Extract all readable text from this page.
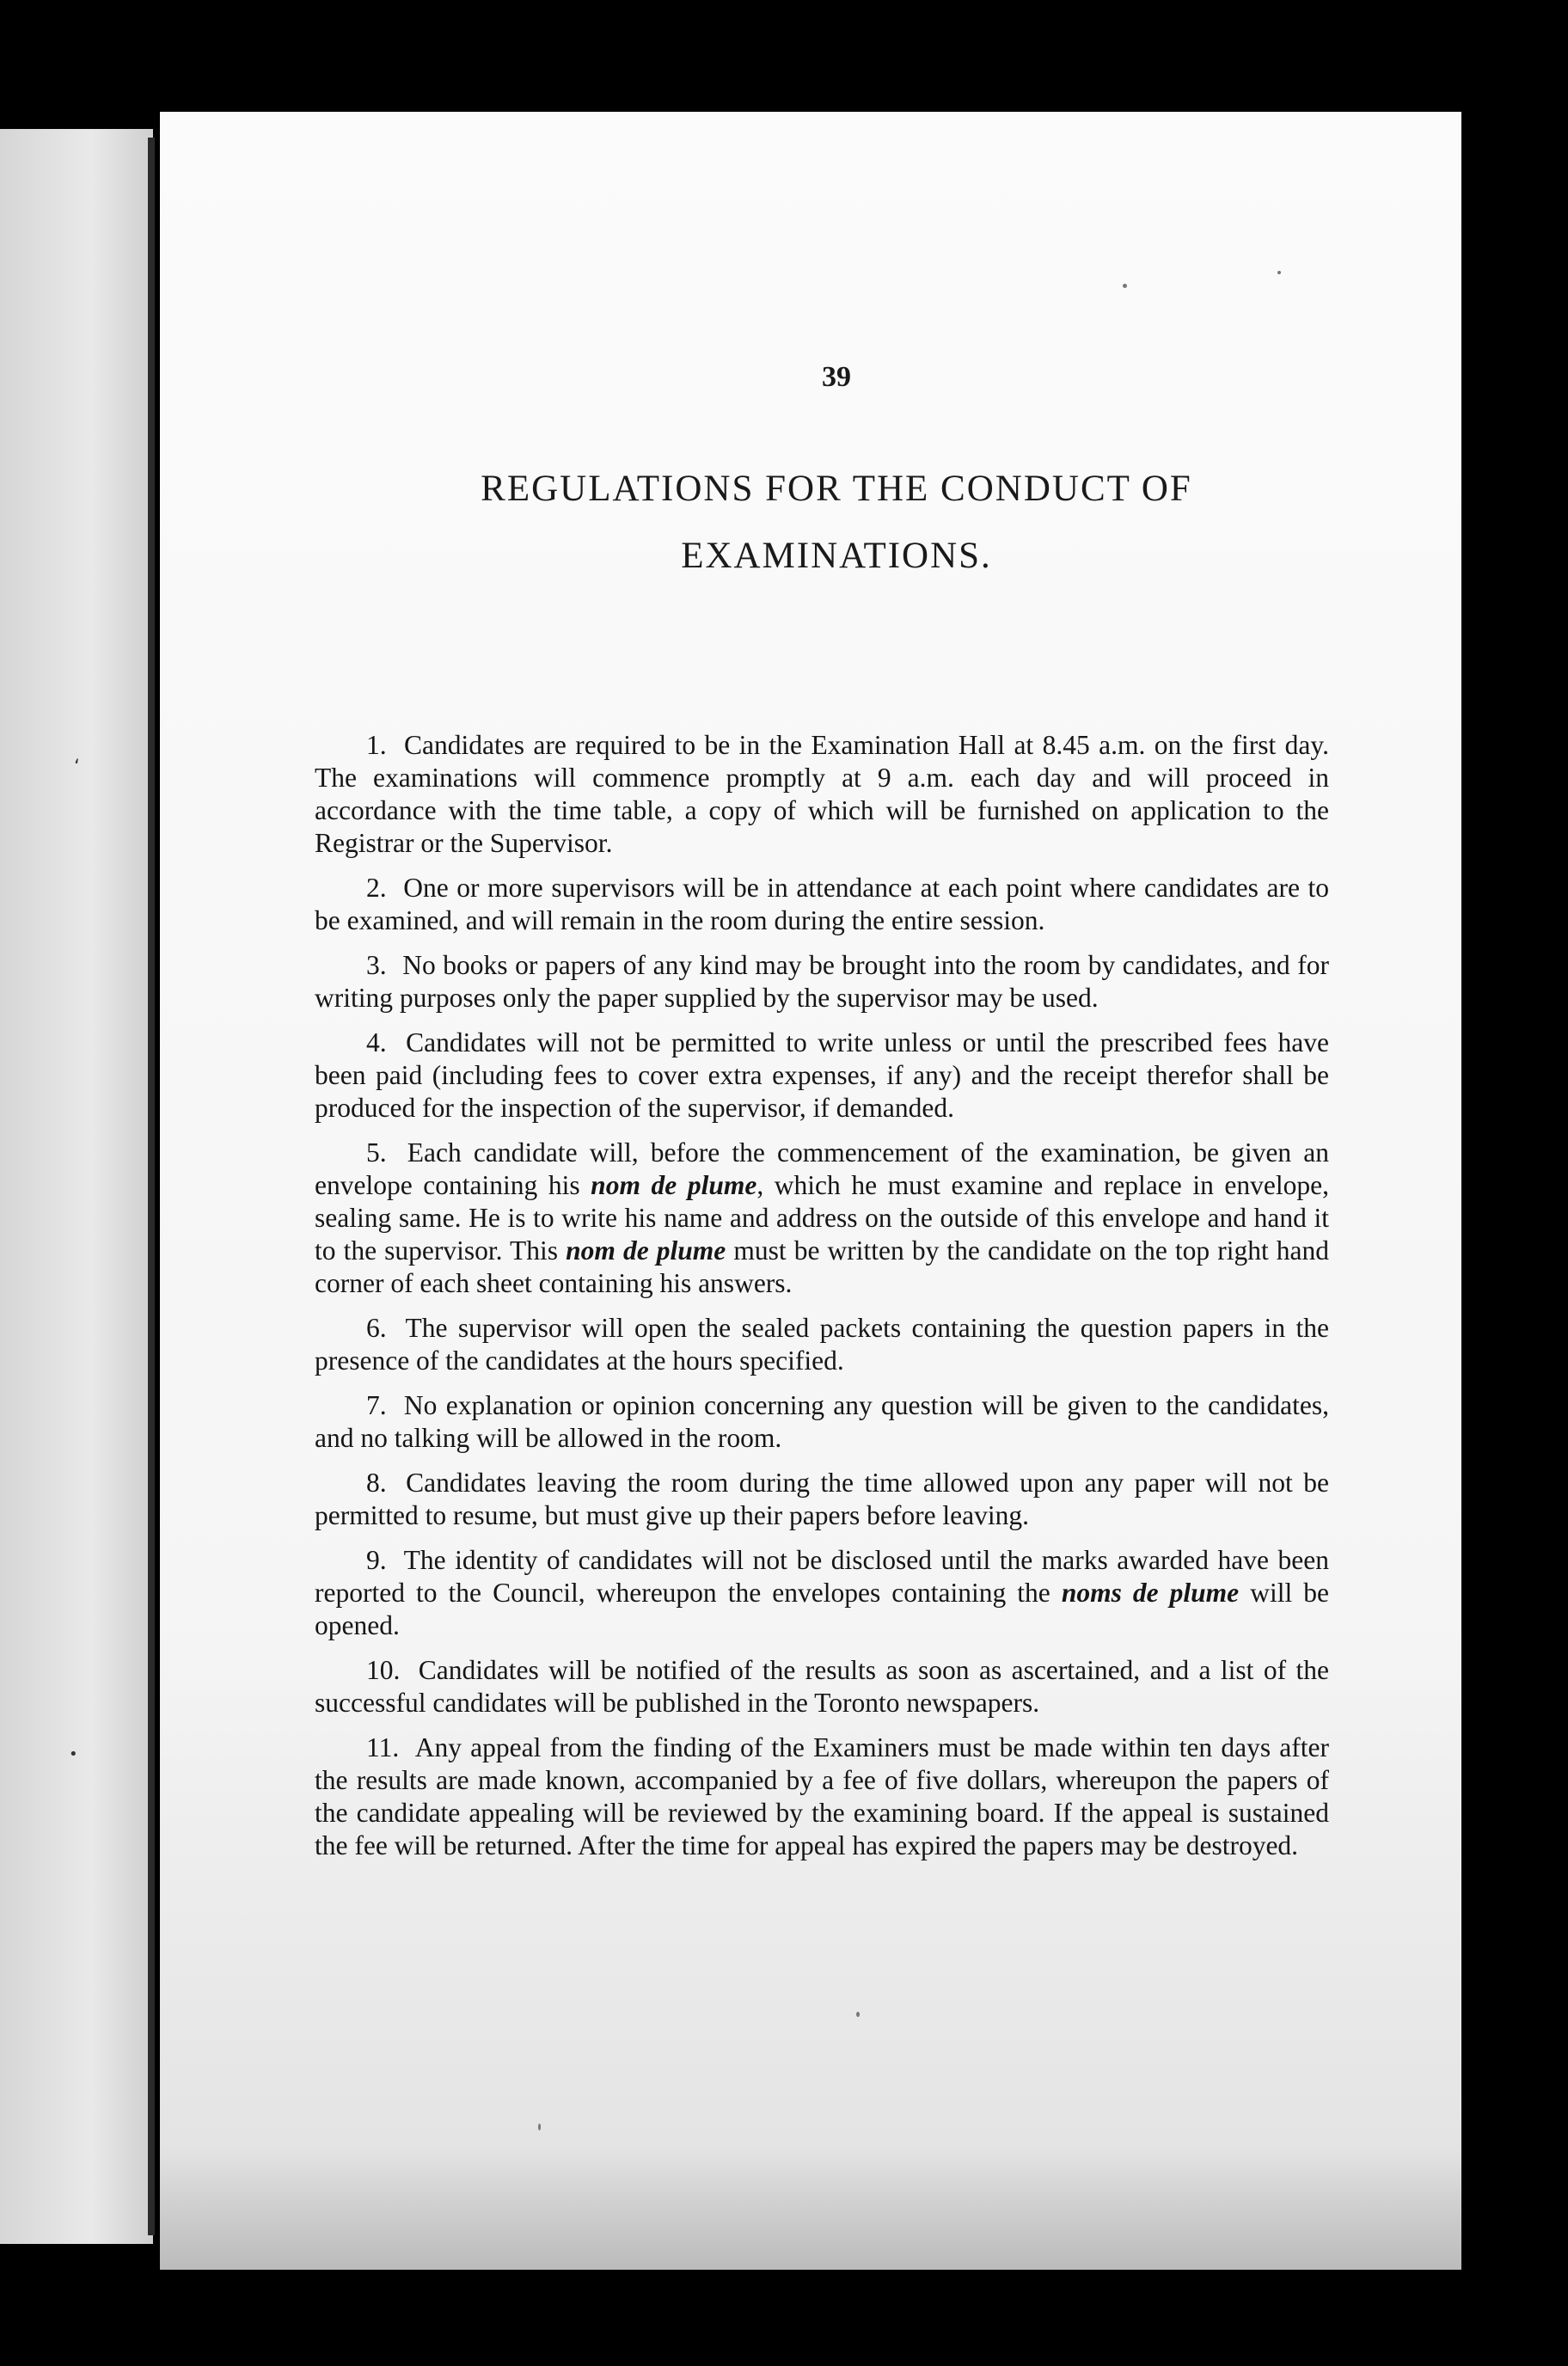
‘
•
39
REGULATIONS FOR THE CONDUCT OF
EXAMINATIONS.

1. Candidates are required to be in the Examination Hall at 8.45 a.m. on the first day. The examinations will commence promptly at 9 a.m. each day and will proceed in accordance with the time table, a copy of which will be furnished on application to the Registrar or the Supervisor.

2. One or more supervisors will be in attendance at each point where candidates are to be examined, and will remain in the room during the entire session.

3. No books or papers of any kind may be brought into the room by candidates, and for writing purposes only the paper supplied by the supervisor may be used.

4. Candidates will not be permitted to write unless or until the prescribed fees have been paid (including fees to cover extra expenses, if any) and the receipt therefor shall be produced for the inspection of the supervisor, if demanded.

5. Each candidate will, before the commencement of the examination, be given an envelope containing his nom de plume, which he must examine and replace in envelope, sealing same. He is to write his name and address on the outside of this envelope and hand it to the supervisor. This nom de plume must be written by the candidate on the top right hand corner of each sheet containing his answers.

6. The supervisor will open the sealed packets containing the question papers in the presence of the candidates at the hours specified.

7. No explanation or opinion concerning any question will be given to the candidates, and no talking will be allowed in the room.

8. Candidates leaving the room during the time allowed upon any paper will not be permitted to resume, but must give up their papers before leaving.

9. The identity of candidates will not be disclosed until the marks awarded have been reported to the Council, whereupon the envelopes containing the noms de plume will be opened.

10. Candidates will be notified of the results as soon as ascertained, and a list of the successful candidates will be published in the Toronto newspapers.

11. Any appeal from the finding of the Examiners must be made within ten days after the results are made known, accompanied by a fee of five dollars, whereupon the papers of the candidate appealing will be reviewed by the examining board. If the appeal is sustained the fee will be returned. After the time for appeal has expired the papers may be destroyed.
